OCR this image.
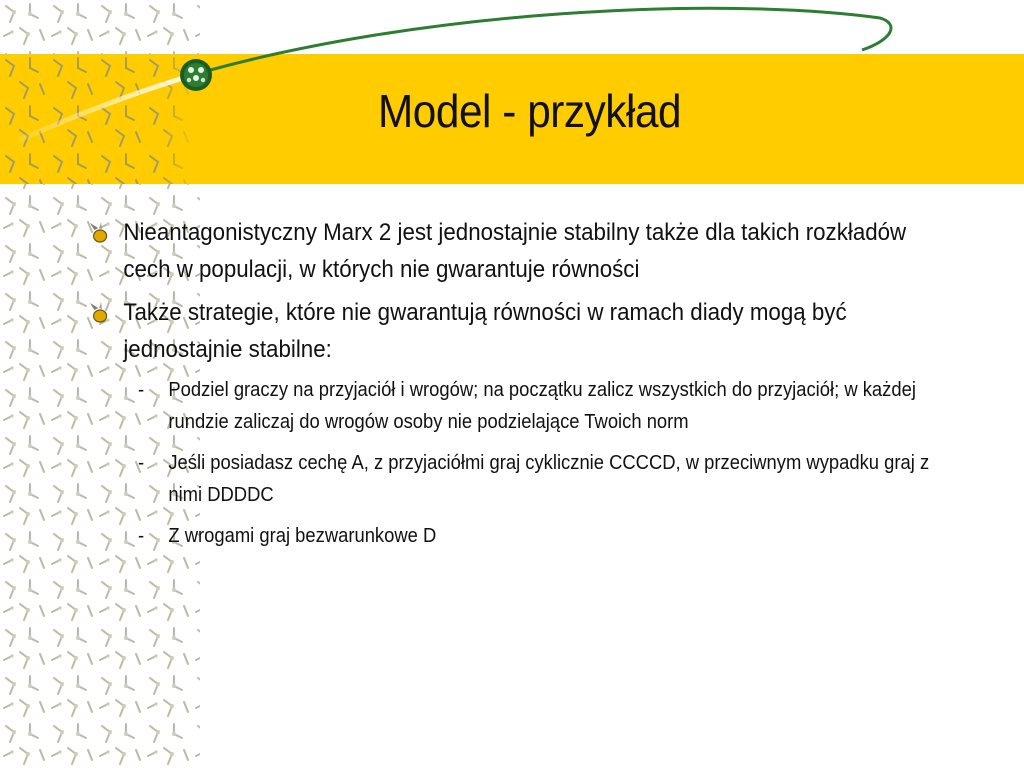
Model - przykład
Nieantagonistyczny Marx 2 jest jednostajnie stabilny także dla takich rozkładów cech w populacji, w których nie gwarantuje równości
Także strategie, które nie gwarantują równości w ramach diady mogą być jednostajnie stabilne:
- Podziel graczy na przyjaciół i wrogów; na początku zalicz wszystkich do przyjaciół; w każdej rundzie zaliczaj do wrogów osoby nie podzielające Twoich norm
- Jeśli posiadasz cechę A, z przyjaciółmi graj cyklicznie CCCCD, w przeciwnym wypadku graj z nimi DDDDC
- Z wrogami graj bezwarunkowe D
